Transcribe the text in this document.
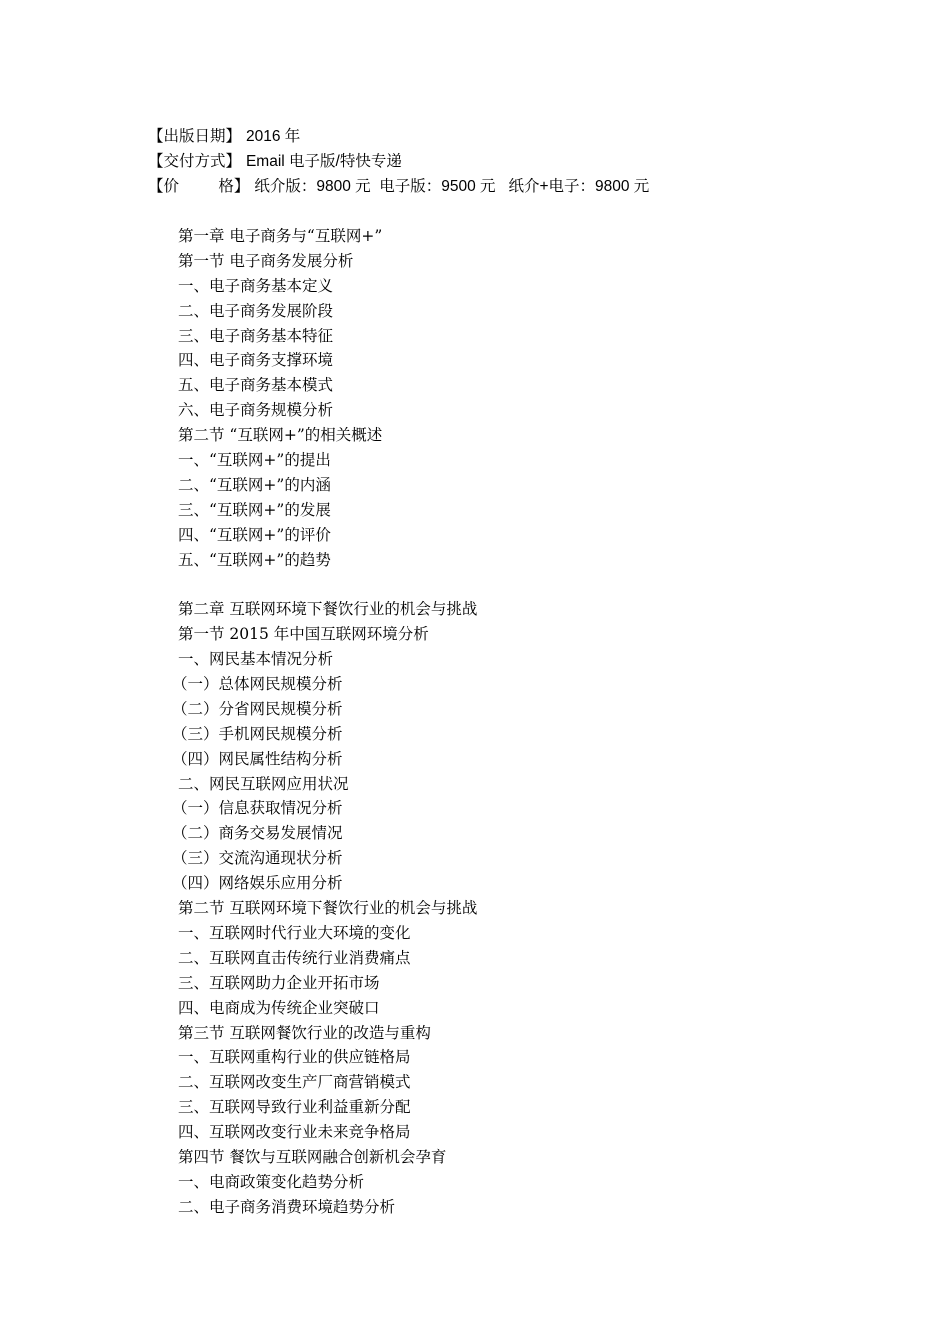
【出版日期】 2016 年
【交付方式】 Email 电子版/特快专递
【价        格】 纸介版：9800 元  电子版：9500 元   纸介+电子：9800 元
第一章 电子商务与“互联网+”
第一节 电子商务发展分析
一、电子商务基本定义
二、电子商务发展阶段
三、电子商务基本特征
四、电子商务支撑环境
五、电子商务基本模式
六、电子商务规模分析
第二节 “互联网+”的相关概述
一、“互联网+”的提出
二、“互联网+”的内涵
三、“互联网+”的发展
四、“互联网+”的评价
五、“互联网+”的趋势
第二章 互联网环境下餐饮行业的机会与挑战
第一节 2015 年中国互联网环境分析
一、网民基本情况分析
（一）总体网民规模分析
（二）分省网民规模分析
（三）手机网民规模分析
（四）网民属性结构分析
二、网民互联网应用状况
（一）信息获取情况分析
（二）商务交易发展情况
（三）交流沟通现状分析
（四）网络娱乐应用分析
第二节 互联网环境下餐饮行业的机会与挑战
一、互联网时代行业大环境的变化
二、互联网直击传统行业消费痛点
三、互联网助力企业开拓市场
四、电商成为传统企业突破口
第三节 互联网餐饮行业的改造与重构
一、互联网重构行业的供应链格局
二、互联网改变生产厂商营销模式
三、互联网导致行业利益重新分配
四、互联网改变行业未来竞争格局
第四节 餐饮与互联网融合创新机会孕育
一、电商政策变化趋势分析
二、电子商务消费环境趋势分析
